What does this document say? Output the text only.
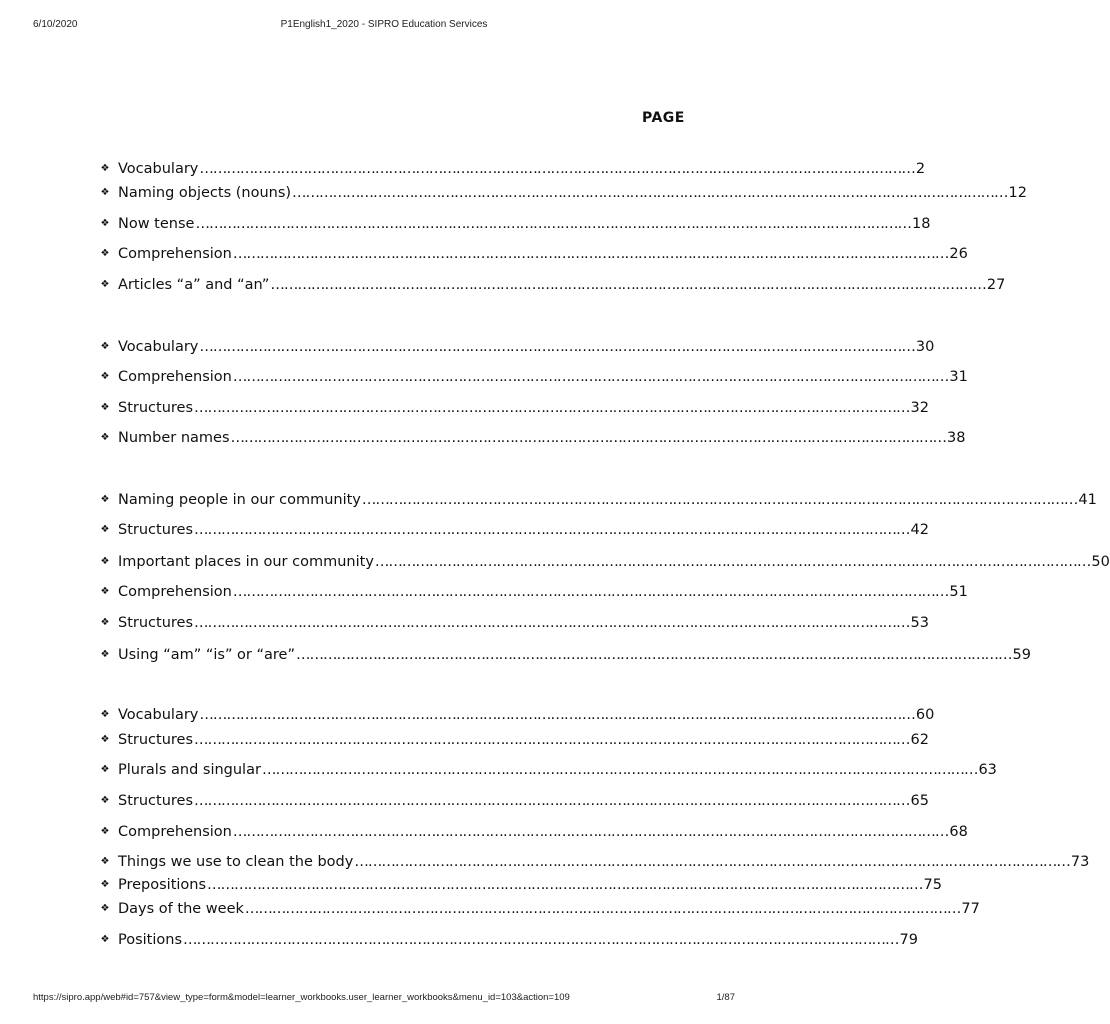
6/10/2020	P1English1_2020 - SIPRO Education Services
PAGE
❖ Vocabulary …………………………………………………………………………………………………………………………………………… 2
❖ Naming objects (nouns) …………………………………………………………………………………………………………………………………………… 12
❖ Now tense …………………………………………………………………………………………………………………………………………… 18
❖ Comprehension …………………………………………………………………………………………………………………………………………… 26
❖ Articles “a” and “an” …………………………………………………………………………………………………………………………………………… 27
❖ Vocabulary …………………………………………………………………………………………………………………………………………… 30
❖ Comprehension …………………………………………………………………………………………………………………………………………… 31
❖ Structures …………………………………………………………………………………………………………………………………………… 32
❖ Number names …………………………………………………………………………………………………………………………………………… 38
❖ Naming people in our community …………………………………………………………………………………………………………………………………………… 41
❖ Structures …………………………………………………………………………………………………………………………………………… 42
❖ Important places in our community …………………………………………………………………………………………………………………………………………… 50
❖ Comprehension …………………………………………………………………………………………………………………………………………… 51
❖ Structures …………………………………………………………………………………………………………………………………………… 53
❖ Using “am” “is” or “are” …………………………………………………………………………………………………………………………………………… 59
❖ Vocabulary …………………………………………………………………………………………………………………………………………… 60
❖ Structures …………………………………………………………………………………………………………………………………………… 62
❖ Plurals and singular …………………………………………………………………………………………………………………………………………… 63
❖ Structures …………………………………………………………………………………………………………………………………………… 65
❖ Comprehension …………………………………………………………………………………………………………………………………………… 68
❖ Things we use to clean the body …………………………………………………………………………………………………………………………………………… 73
❖ Prepositions …………………………………………………………………………………………………………………………………………… 75
❖ Days of the week …………………………………………………………………………………………………………………………………………… 77
❖ Positions …………………………………………………………………………………………………………………………………………… 79
https://sipro.app/web#id=757&view_type=form&model=learner_workbooks.user_learner_workbooks&menu_id=103&action=109	1/87
